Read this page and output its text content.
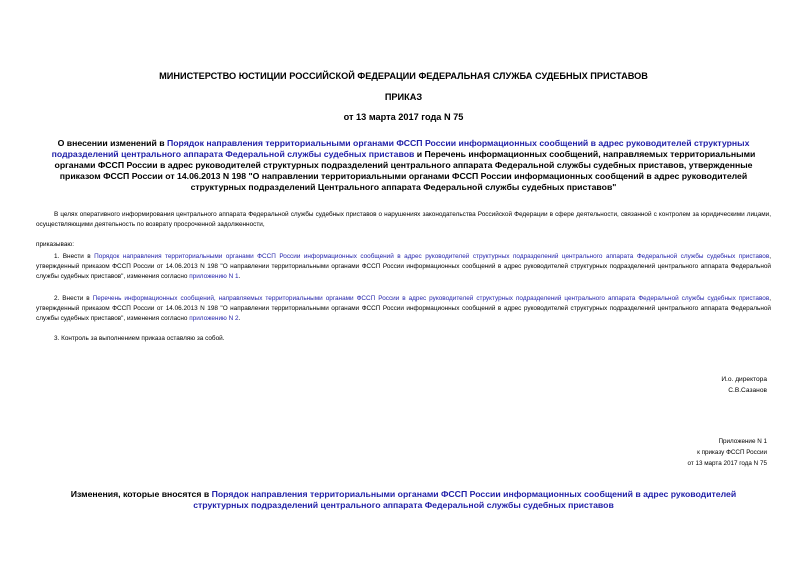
МИНИСТЕРСТВО ЮСТИЦИИ РОССИЙСКОЙ ФЕДЕРАЦИИ ФЕДЕРАЛЬНАЯ СЛУЖБА СУДЕБНЫХ ПРИСТАВОВ
ПРИКАЗ
от 13 марта 2017 года N 75
О внесении изменений в Порядок направления территориальными органами ФССП России информационных сообщений в адрес руководителей структурных подразделений центрального аппарата Федеральной службы судебных приставов и Перечень информационных сообщений, направляемых территориальными органами ФССП России в адрес руководителей структурных подразделений центрального аппарата Федеральной службы судебных приставов, утвержденные приказом ФССП России от 14.06.2013 N 198 "О направлении территориальными органами ФССП России информационных сообщений в адрес руководителей структурных подразделений Центрального аппарата Федеральной службы судебных приставов"
В целях оперативного информирования центрального аппарата Федеральной службы судебных приставов о нарушениях законодательства Российской Федерации в сфере деятельности, связанной с контролем за юридическими лицами, осуществляющими деятельность по возврату просроченной задолженности,
приказываю:
1. Внести в Порядок направления территориальными органами ФССП России информационных сообщений в адрес руководителей структурных подразделений центрального аппарата Федеральной службы судебных приставов, утвержденный приказом ФССП России от 14.06.2013 N 198 "О направлении территориальными органами ФССП России информационных сообщений в адрес руководителей структурных подразделений центрального аппарата Федеральной службы судебных приставов", изменения согласно приложению N 1.
2. Внести в Перечень информационных сообщений, направляемых территориальными органами ФССП России в адрес руководителей структурных подразделений центрального аппарата Федеральной службы судебных приставов, утвержденный приказом ФССП России от 14.06.2013 N 198 "О направлении территориальными органами ФССП России информационных сообщений в адрес руководителей структурных подразделений центрального аппарата Федеральной службы судебных приставов", изменения согласно приложению N 2.
3. Контроль за выполнением приказа оставляю за собой.
И.о. директора
С.В.Сазанов
Приложение N 1
к приказу ФССП России
от 13 марта 2017 года N 75
Изменения, которые вносятся в Порядок направления территориальными органами ФССП России информационных сообщений в адрес руководителей структурных подразделений центрального аппарата Федеральной службы судебных приставов
